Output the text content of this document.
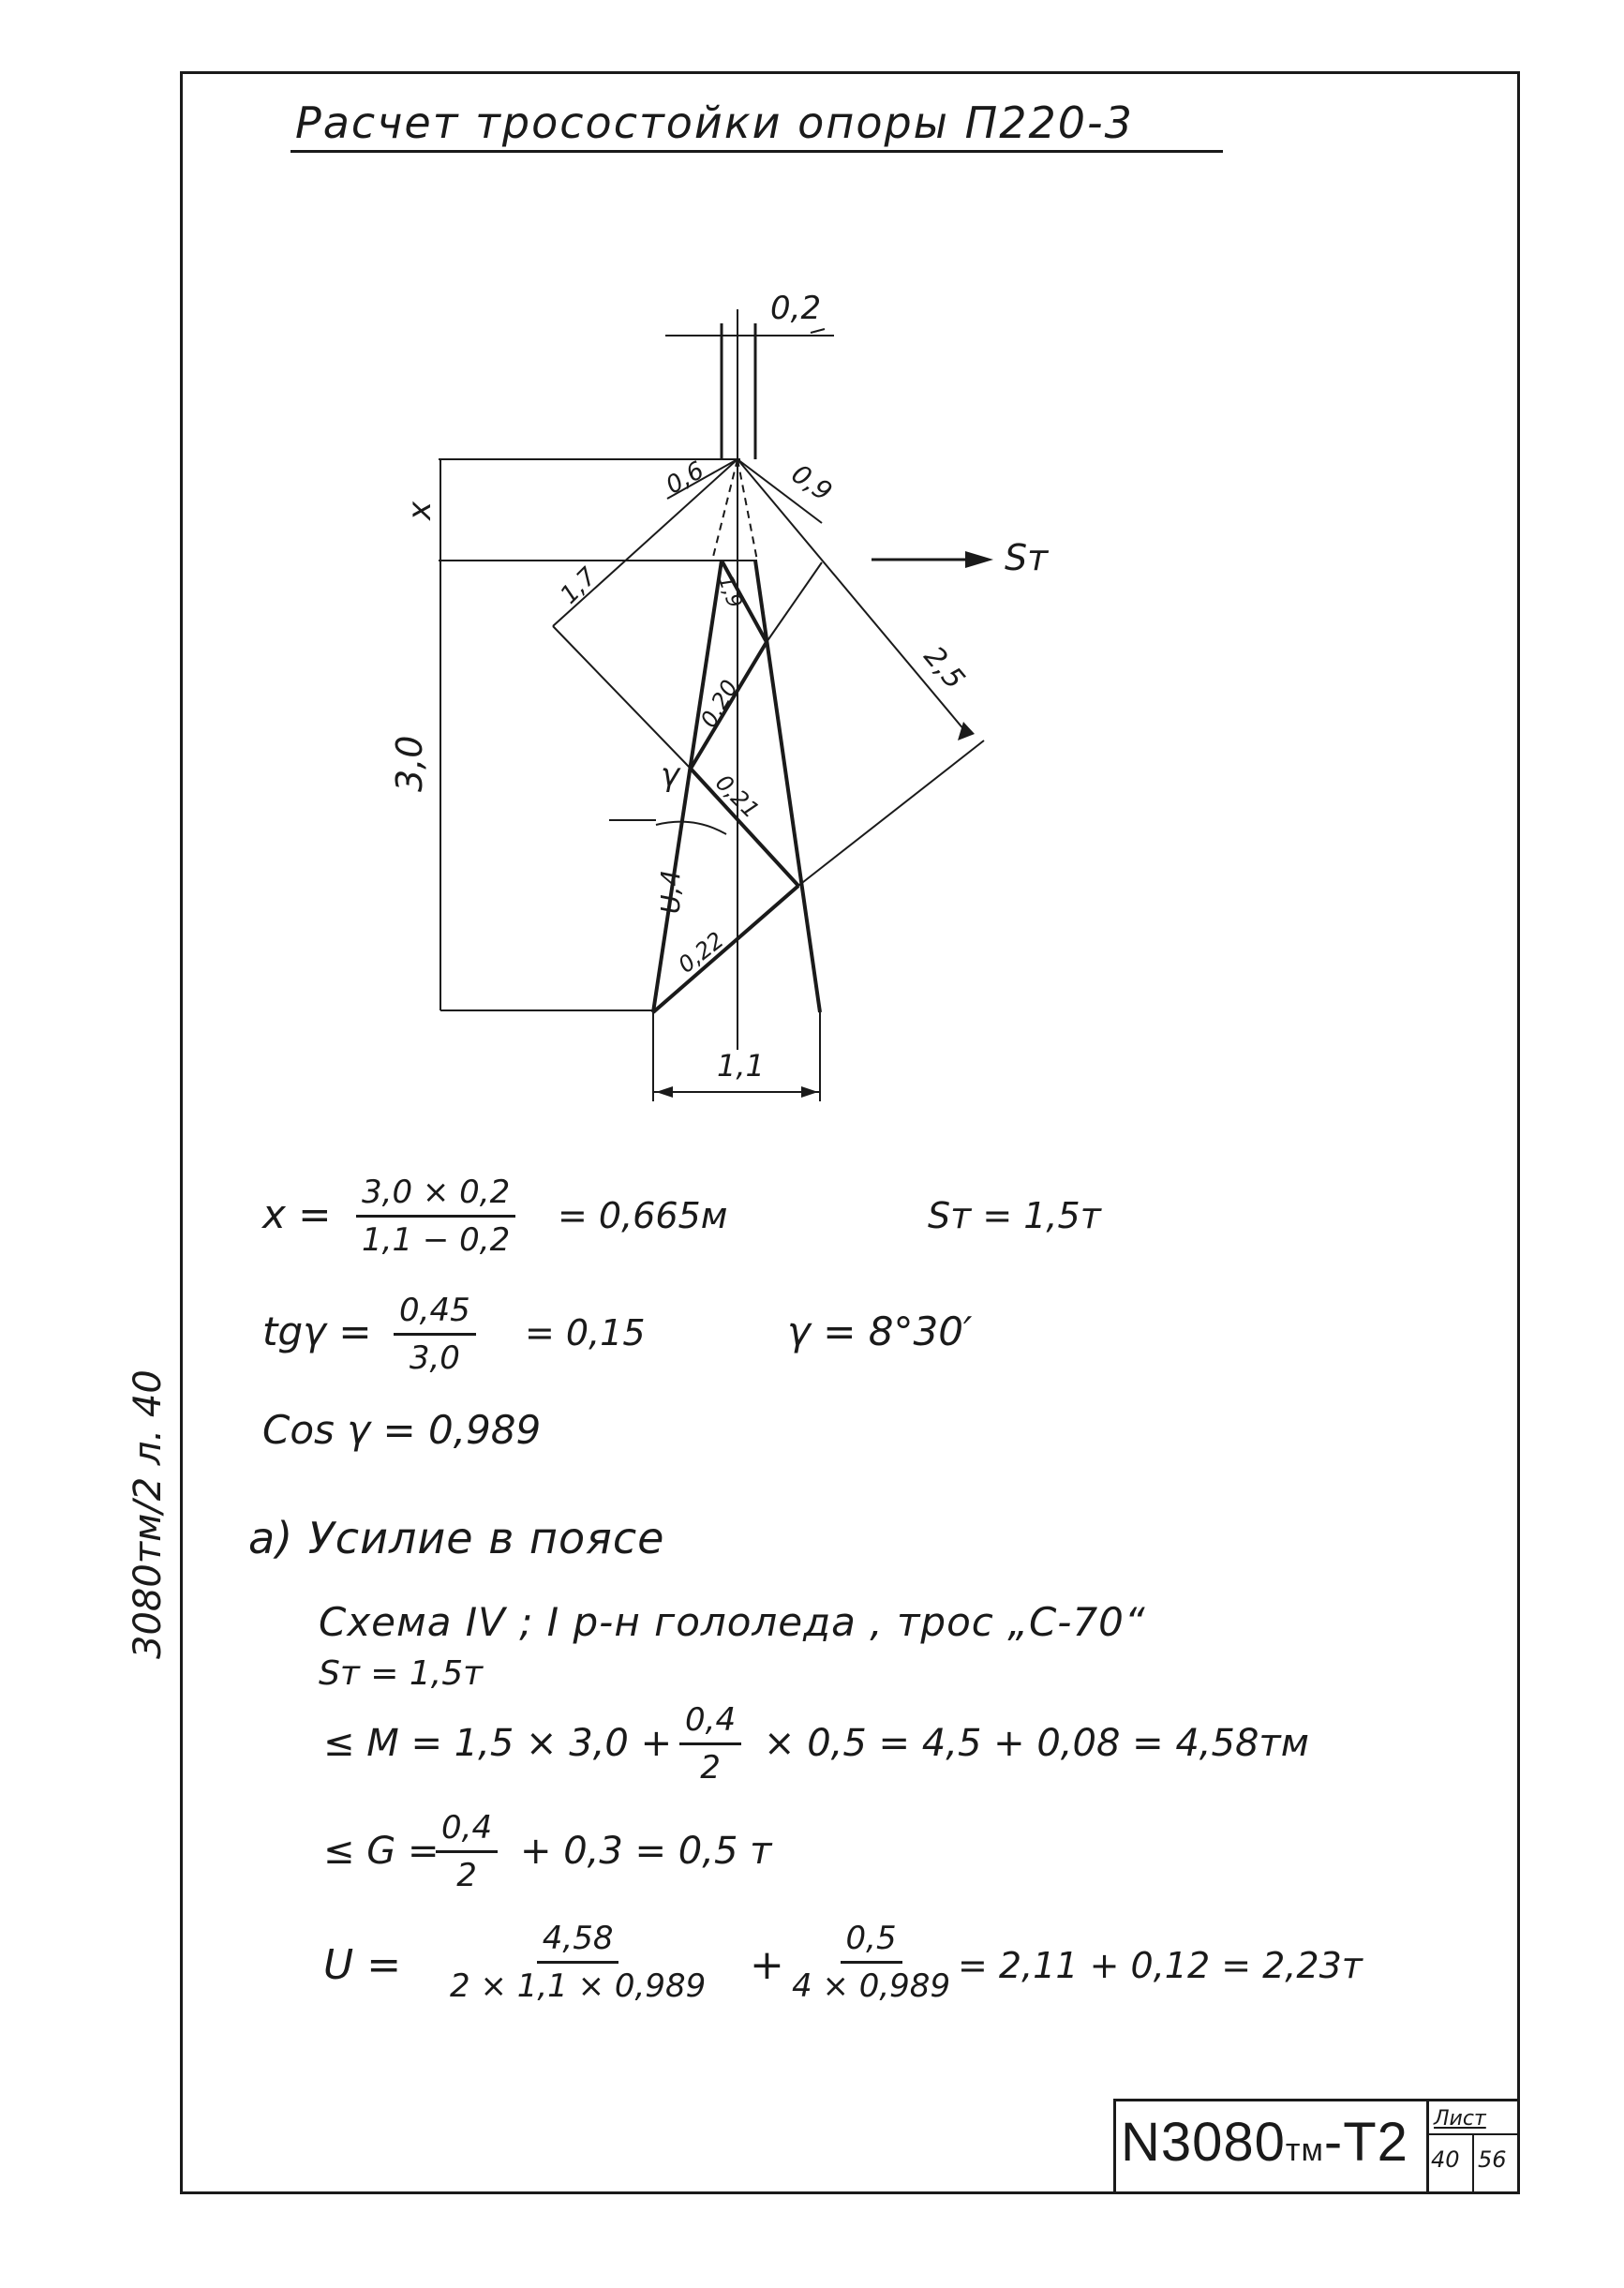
Расчет тросостойки опоры П220-3
3080тм/2 л. 40
0,2
x
3,0
1,1
0,6	0,9
1,7	1,9
2,5
0,20
0,21
0,22
U,4
γ
Sт
$x = \frac{3,0 \times 0,2}{1,1 - 0,2} = 0,665м$	Sт = 1,5т
$tg\gamma = \frac{0,45}{3,0} = 0,15$	γ = 8°30′
Cos γ = 0,989
а) Усилие в поясе
Схема IV ; I р-н гололеда , трос „С-70“
Sт = 1,5т
≤ $M = 1,5 \times 3,0 + \frac{0,4}{2} \times 0,5 = 4,5 + 0,08 = 4,58тм$
≤ G =
$\frac{0,4}{2} + 0,3 = 0,5$ т
$U = \frac{4,58}{2 \times 1,1 \times 0,989} + \frac{0,5}{4 \times 0,989} = 2,11 + 0,12 = 2,23т$
N3080тм-Т2 Лист
40 56
